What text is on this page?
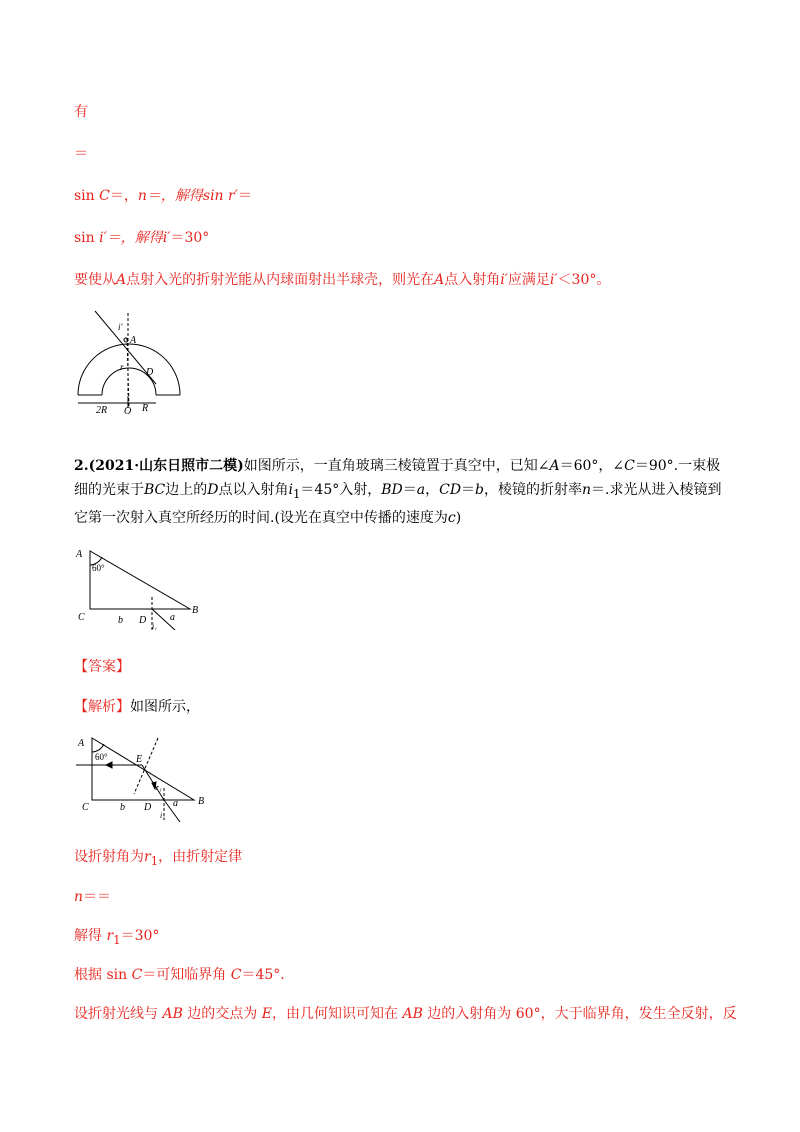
有
＝
sin C＝，n＝，解得sin r′＝
sin i′＝，解得i′＝30°
要使从A点射入光的折射光能从内球面射出半球壳，则光在A点入射角i′应满足i′＜30°。
A
i′
r D
2R O R
2.(2021·山东日照市二模)如图所示，一直角玻璃三棱镜置于真空中，已知∠A＝60°，∠C＝90°.一束极细的光束于BC边上的D点以入射角$i_1=45^\circ$入射，BD＝a，CD＝b，棱镜的折射率n＝.求光从进入棱镜到它第一次射入真空所经历的时间.(设光在真空中传播的速度为c)
A
60°
C	b D a
B
i₁
【答案】
【解析】如图所示，
A
60°	E
r₁
C	b D a B
i₁
设折射角为$r_1$，由折射定律
n＝＝
解得 $r_1=30^\circ$
根据 sin C＝可知临界角 C＝45°.
设折射光线与 AB 边的交点为 E，由几何知识可知在 AB 边的入射角为 60°，大于临界角，发生全反射，反
